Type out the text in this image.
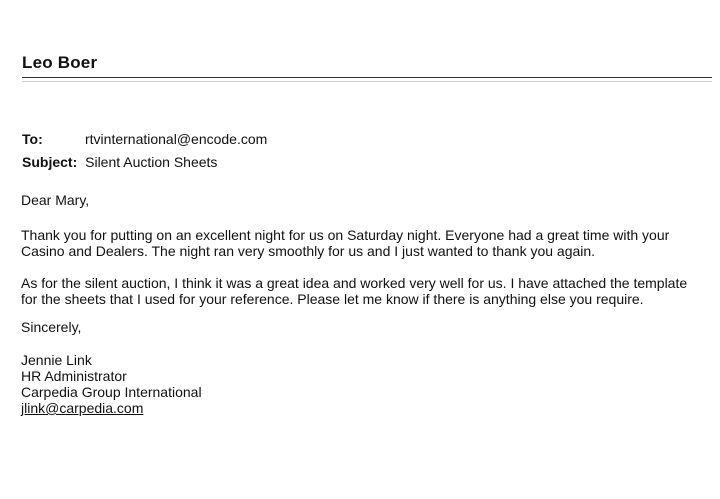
Leo Boer
To:	rtvinternational@encode.com
Subject: Silent Auction Sheets
Dear Mary,
Thank you for putting on an excellent night for us on Saturday night. Everyone had a great time with your
Casino and Dealers. The night ran very smoothly for us and I just wanted to thank you again.
As for the silent auction, I think it was a great idea and worked very well for us. I have attached the template
for the sheets that I used for your reference. Please let me know if there is anything else you require.
Sincerely,
Jennie Link
HR Administrator
Carpedia Group International
jlink@carpedia.com
